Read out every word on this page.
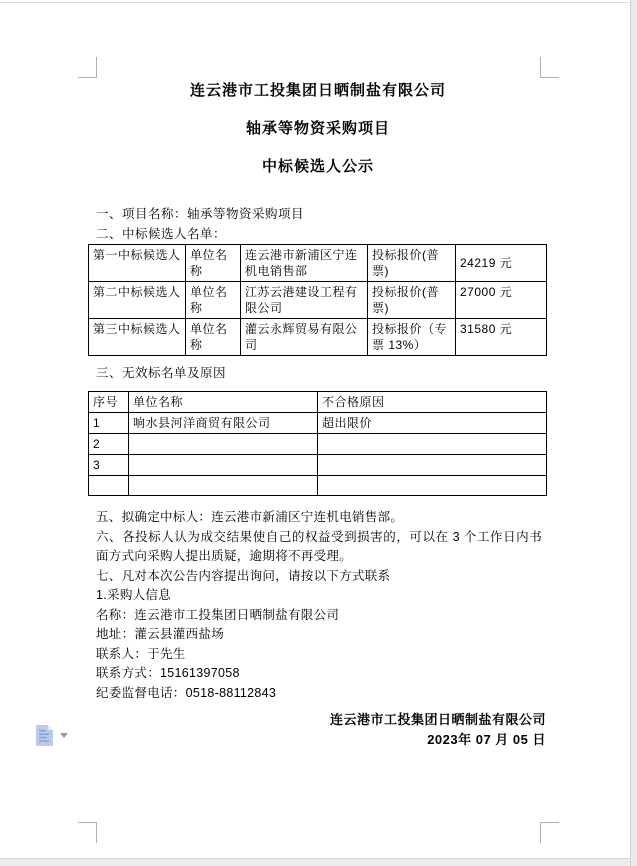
连云港市工投集团日晒制盐有限公司
轴承等物资采购项目
中标候选人公示
一、项目名称：轴承等物资采购项目
二、中标候选人名单：
第一中标候选人	单位名称	连云港市新浦区宁连机电销售部	投标报价(普票)	24219 元
第二中标候选人	单位名称	江苏云港建设工程有限公司	投标报价(普票)	27000 元
第三中标候选人	单位名称	灌云永辉贸易有限公司	投标报价（专票 13%）	31580 元
三、无效标名单及原因
序号	单位名称	不合格原因
1	响水县河洋商贸有限公司	超出限价
2		
3		

五、拟确定中标人：连云港市新浦区宁连机电销售部。

六、各投标人认为成交结果使自己的权益受到损害的，可以在 3 个工作日内书面方式向采购人提出质疑，逾期将不再受理。

七、凡对本次公告内容提出询问，请按以下方式联系

1.采购人信息

名称：连云港市工投集团日晒制盐有限公司

地址：灌云县灌西盐场

联系人：于先生

联系方式：15161397058

纪委监督电话：0518-88112843

连云港市工投集团日晒制盐有限公司
2023年 07 月 05 日
